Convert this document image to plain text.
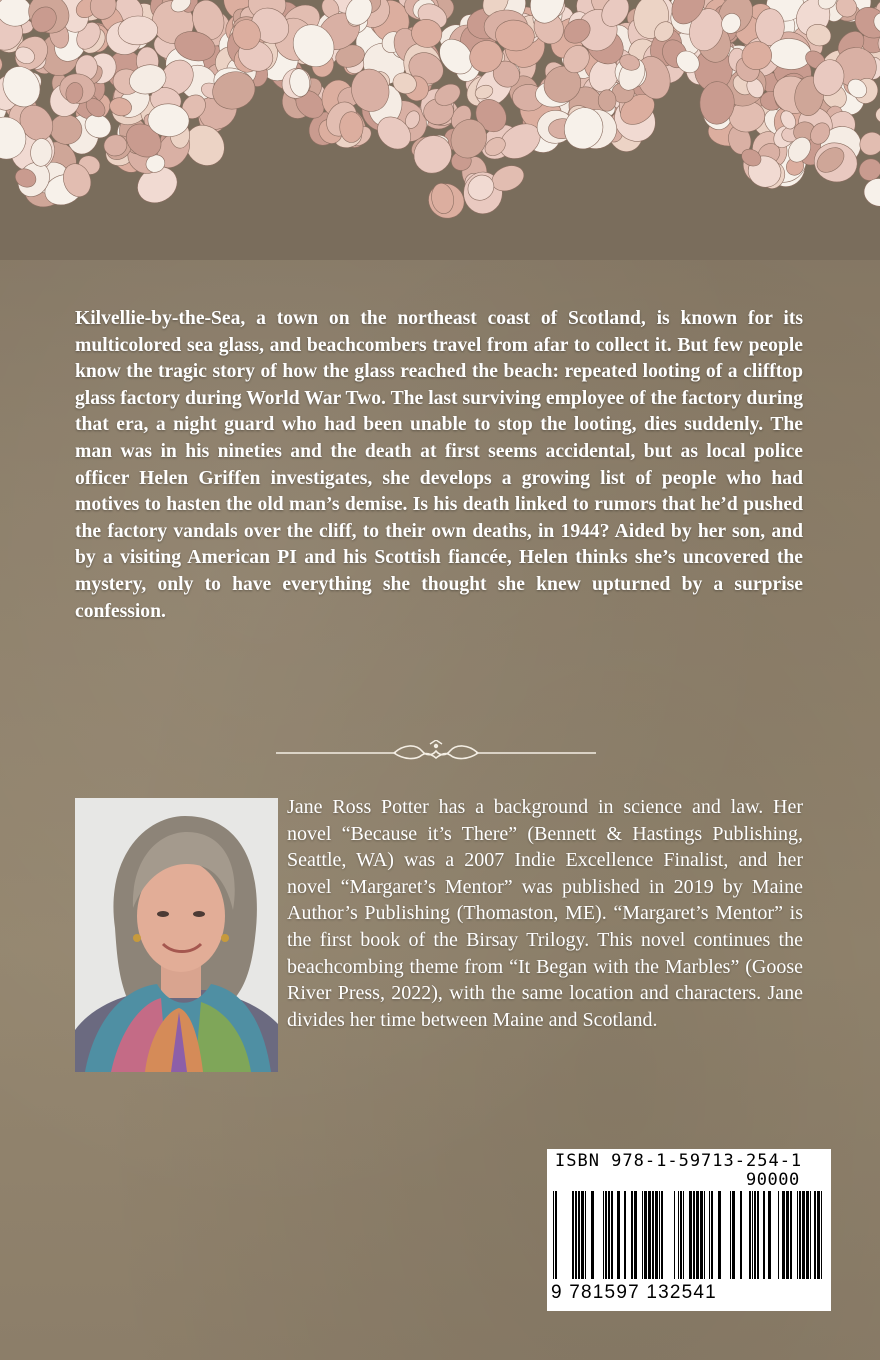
Kilvellie-by-the-Sea, a town on the northeast coast of Scotland, is known for its multicolored sea glass, and beachcombers travel from afar to collect it. But few people know the tragic story of how the glass reached the beach: repeated looting of a clifftop glass factory during World War Two. The last surviving employee of the factory during that era, a night guard who had been unable to stop the looting, dies suddenly. The man was in his nineties and the death at first seems accidental, but as local police officer Helen Griffen investigates, she develops a growing list of people who had motives to hasten the old man’s demise. Is his death linked to rumors that he’d pushed the factory vandals over the cliff, to their own deaths, in 1944? Aided by her son, and by a visiting American PI and his Scottish fiancée, Helen thinks she’s uncovered the mystery, only to have everything she thought she knew upturned by a surprise confession.

Jane Ross Potter has a background in science and law. Her novel “Because it’s There” (Bennett & Hastings Publishing, Seattle, WA) was a 2007 Indie Excellence Finalist, and her novel “Margaret’s Mentor” was published in 2019 by Maine Author’s Publishing (Thomaston, ME). “Margaret’s Mentor” is the first book of the Birsay Trilogy. This novel continues the beachcombing theme from “It Began with the Marbles” (Goose River Press, 2022), with the same location and characters. Jane divides her time between Maine and Scotland.

ISBN 978-1-59713-254-1

90000

9 781597 132541
